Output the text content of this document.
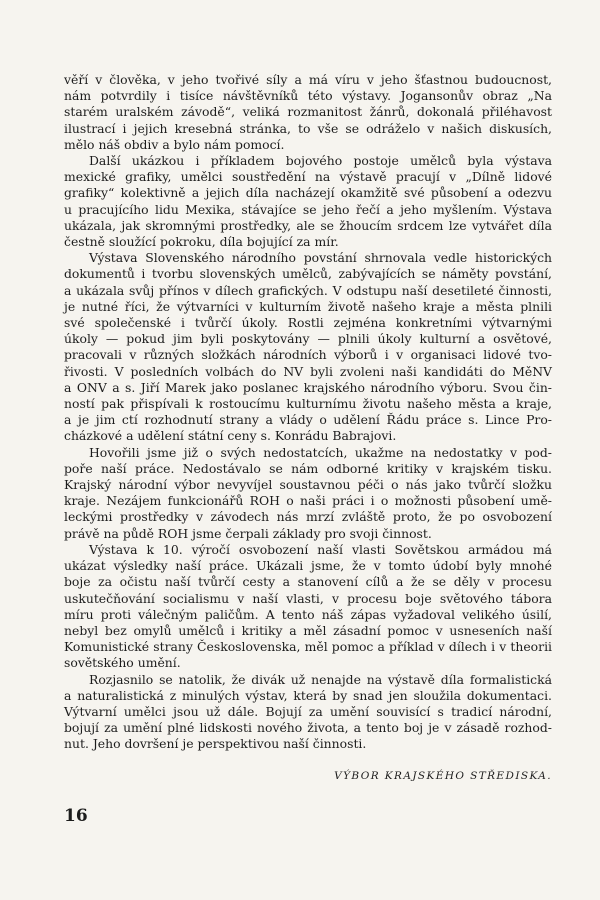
věří v člověka, v jeho tvořivé síly a má víru v jeho šťastnou budoucnost,
nám potvrdily i tisíce návštěvníků této výstavy. Jogansonův obraz „Na
starém uralském závodě“, veliká rozmanitost žánrů, dokonalá přiléhavost
ilustrací i jejich kresebná stránka, to vše se odráželo v našich diskusích,
mělo náš obdiv a bylo nám pomocí.

Další ukázkou i příkladem bojového postoje umělců byla výstava
mexické grafiky, umělci soustředění na výstavě pracují v „Dílně lidové
grafiky“ kolektivně a jejich díla nacházejí okamžitě své působení a odezvu
u pracujícího lidu Mexika, stávajíce se jeho řečí a jeho myšlením. Výstava
ukázala, jak skromnými prostředky, ale se žhoucím srdcem lze vytvářet díla
čestně sloužící pokroku, díla bojující za mír.

Výstava Slovenského národního povstání shrnovala vedle historických
dokumentů i tvorbu slovenských umělců, zabývajících se náměty povstání,
a ukázala svůj přínos v dílech grafických. V odstupu naší desetileté činnosti,
je nutné říci, že výtvarníci v kulturním životě našeho kraje a města plnili
své společenské i tvůrčí úkoly. Rostli zejména konkretními výtvarnými
úkoly — pokud jim byli poskytovány — plnili úkoly kulturní a osvětové,
pracovali v různých složkách národních výborů i v organisaci lidové tvo-
řivosti. V posledních volbách do NV byli zvoleni naši kandidáti do MěNV
a ONV a s. Jiří Marek jako poslanec krajského národního výboru. Svou čin-
ností pak přispívali k rostoucímu kulturnímu životu našeho města a kraje,
a je jim ctí rozhodnutí strany a vlády o udělení Řádu práce s. Lince Pro-
cházkové a udělení státní ceny s. Konrádu Babrajovi.

Hovořili jsme již o svých nedostatcích, ukažme na nedostatky v pod-
poře naší práce. Nedostávalo se nám odborné kritiky v krajském tisku.
Krajský národní výbor nevyvíjel soustavnou péči o nás jako tvůrčí složku
kraje. Nezájem funkcionářů ROH o naši práci i o možnosti působení umě-
leckými prostředky v závodech nás mrzí zvláště proto, že po osvobození
právě na půdě ROH jsme čerpali základy pro svoji činnost.

Výstava k 10. výročí osvobození naší vlasti Sovětskou armádou má
ukázat výsledky naší práce. Ukázali jsme, že v tomto údobí byly mnohé
boje za očistu naší tvůrčí cesty a stanovení cílů a že se děly v procesu
uskutečňování socialismu v naší vlasti, v procesu boje světového tábora
míru proti válečným paličům. A tento náš zápas vyžadoval velikého úsilí,
nebyl bez omylů umělců i kritiky a měl zásadní pomoc v usneseních naší
Komunistické strany Československa, měl pomoc a příklad v dílech i v theorii
sovětského umění.

Rozjasnilo se natolik, že divák už nenajde na výstavě díla formalistická
a naturalistická z minulých výstav, která by snad jen sloužila dokumentaci.
Výtvarní umělci jsou už dále. Bojují za umění souvisící s tradicí národní,
bojují za umění plné lidskosti nového života, a tento boj je v zásadě rozhod-
nut. Jeho dovršení je perspektivou naší činnosti.

VÝBOR KRAJSKÉHO STŘEDISKA.
16
